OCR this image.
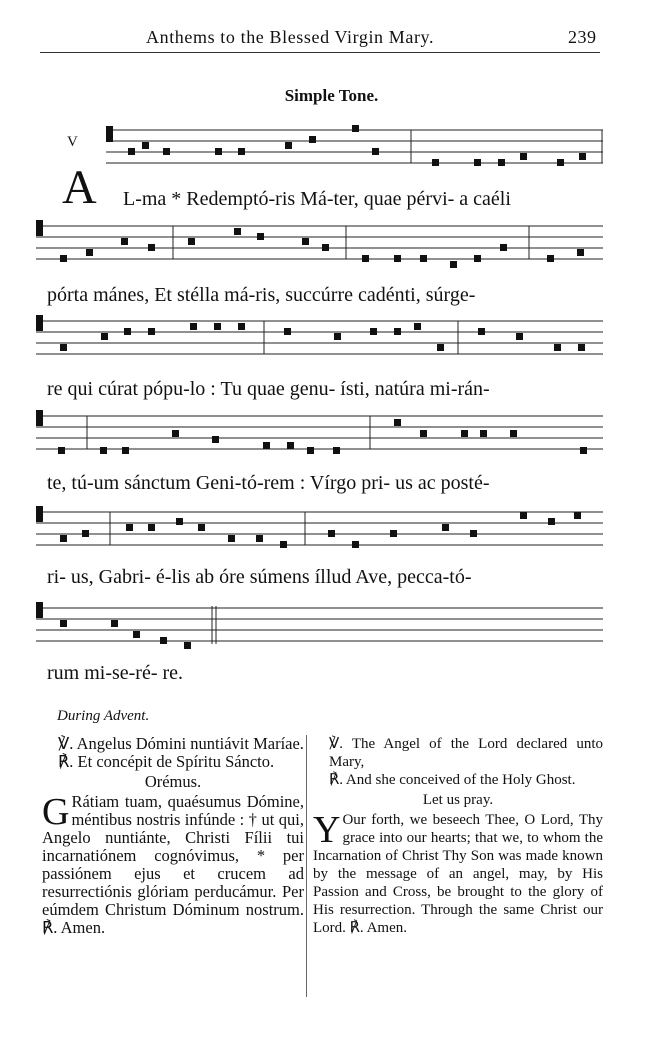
Anthems to the Blessed Virgin Mary.	239
Simple Tone.
V
A L-ma * Redemptó-ris Má-ter, quae pérvi- a caéli
pórta mánes, Et stélla má-ris, succúrre cadénti, súrge-
re qui cúrat pópu-lo : Tu quae genu- ísti, natúra mi-rán-
te, tú-um sánctum Geni-tó-rem : Vírgo pri- us ac posté-
ri- us, Gabri- é-lis ab óre súmens íllud Ave, pecca-tó-
rum mi-se-ré- re.
During Advent.

℣. Angelus Dómini nuntiávit Maríae.

℟. Et concépit de Spíritu Sáncto.

Orémus.

G Rátiam tuam, quaésumus Dómine, méntibus nostris infúnde : † ut qui, Angelo nuntiánte, Christi Fílii tui incarnatiónem cognóvimus, * per passiónem ejus et crucem ad resurrectiónis glóriam perducámur. Per eúmdem Christum Dóminum nostrum. ℟. Amen.

℣. The Angel of the Lord declared unto Mary,

℟. And she conceived of the Holy Ghost.

Let us pray.

Y Our forth, we beseech Thee, O Lord, Thy grace into our hearts; that we, to whom the Incarnation of Christ Thy Son was made known by the message of an angel, may, by His Passion and Cross, be brought to the glory of His resurrection. Through the same Christ our Lord. ℟. Amen.
